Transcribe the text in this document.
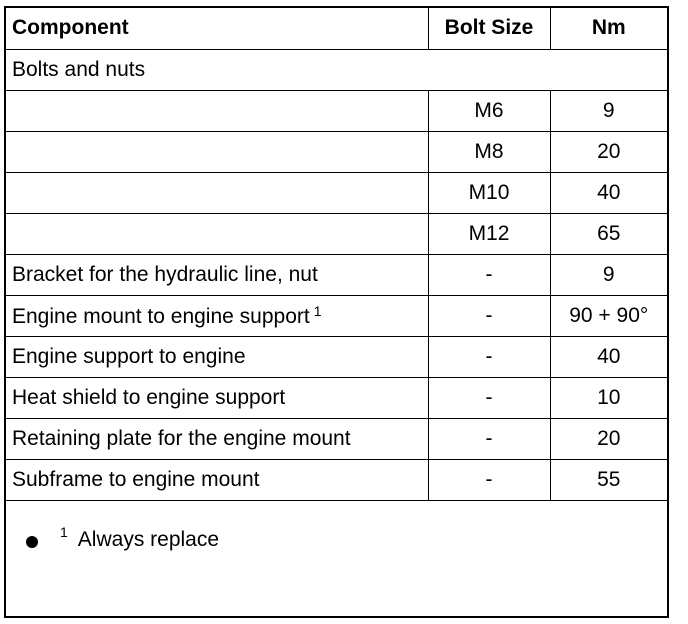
Component	Bolt Size	Nm
Bolts and nuts		
	M6	9
	M8	20
	M10	40
	M12	65
Bracket for the hydraulic line, nut	-	9
Engine mount to engine support $^1$	-	90 + 90°
Engine support to engine	-	40
Heat shield to engine support	-	10
Retaining plate for the engine mount	-	20
Subframe to engine mount	-	55
1 Always replace
